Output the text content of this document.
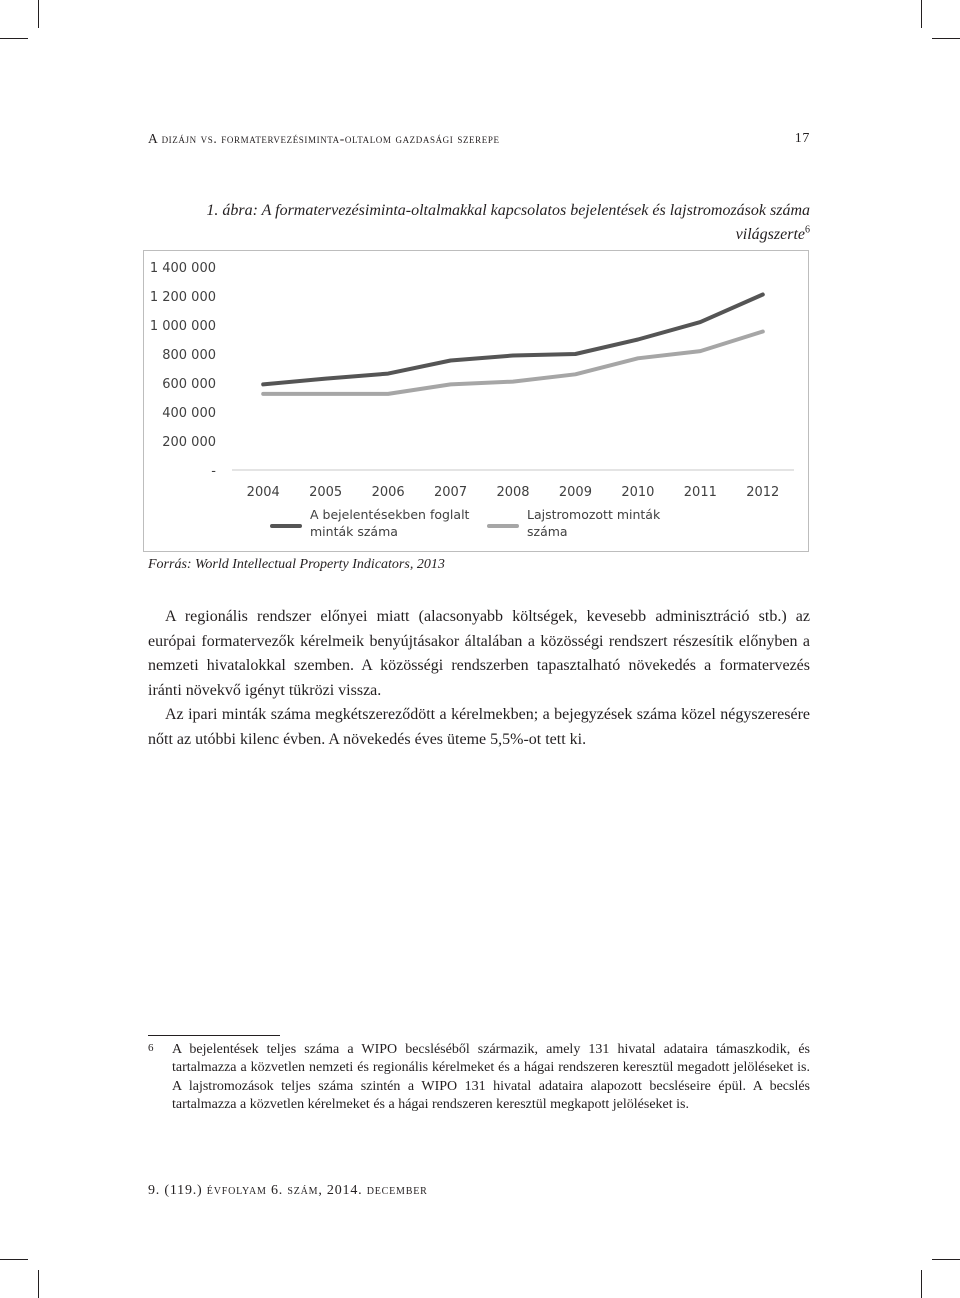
A dizájn vs. formatervezésiminta-oltalom gazdasági szerepe	17
1. ábra: A formatervezésiminta-oltalmakkal kapcsolatos bejelentések és lajstromozások száma világszerte$^6$
1 400 000
1 200 000
1 000 000
800 000
600 000
400 000
200 000
-
2004 2005 2006 2007 2008 2009 2010 2011 2012
A bejelentésekben foglalt
minták száma
Lajstromozott minták
száma
Forrás: World Intellectual Property Indicators, 2013

A regionális rendszer előnyei miatt (alacsonyabb költségek, kevesebb adminisztráció stb.) az európai formatervezők kérelmeik benyújtásakor általában a közösségi rendszert részesítik előnyben a nemzeti hivatalokkal szemben. A közösségi rendszerben tapasztalható növekedés a formatervezés iránti növekvő igényt tükrözi vissza.

Az ipari minták száma megkétszereződött a kérelmekben; a bejegyzések száma közel négyszeresére nőtt az utóbbi kilenc évben. A növekedés éves üteme 5,5%-ot tett ki.

6 A bejelentések teljes száma a WIPO becsléséből származik, amely 131 hivatal adataira támaszkodik, és tartalmazza a közvetlen nemzeti és regionális kérelmeket és a hágai rendszeren keresztül megadott jelöléseket is. A lajstromozások teljes száma szintén a WIPO 131 hivatal adataira alapozott becsléseire épül. A becslés tartalmazza a közvetlen kérelmeket és a hágai rendszeren keresztül megkapott jelöléseket is.
9. (119.) évfolyam 6. szám, 2014. december
